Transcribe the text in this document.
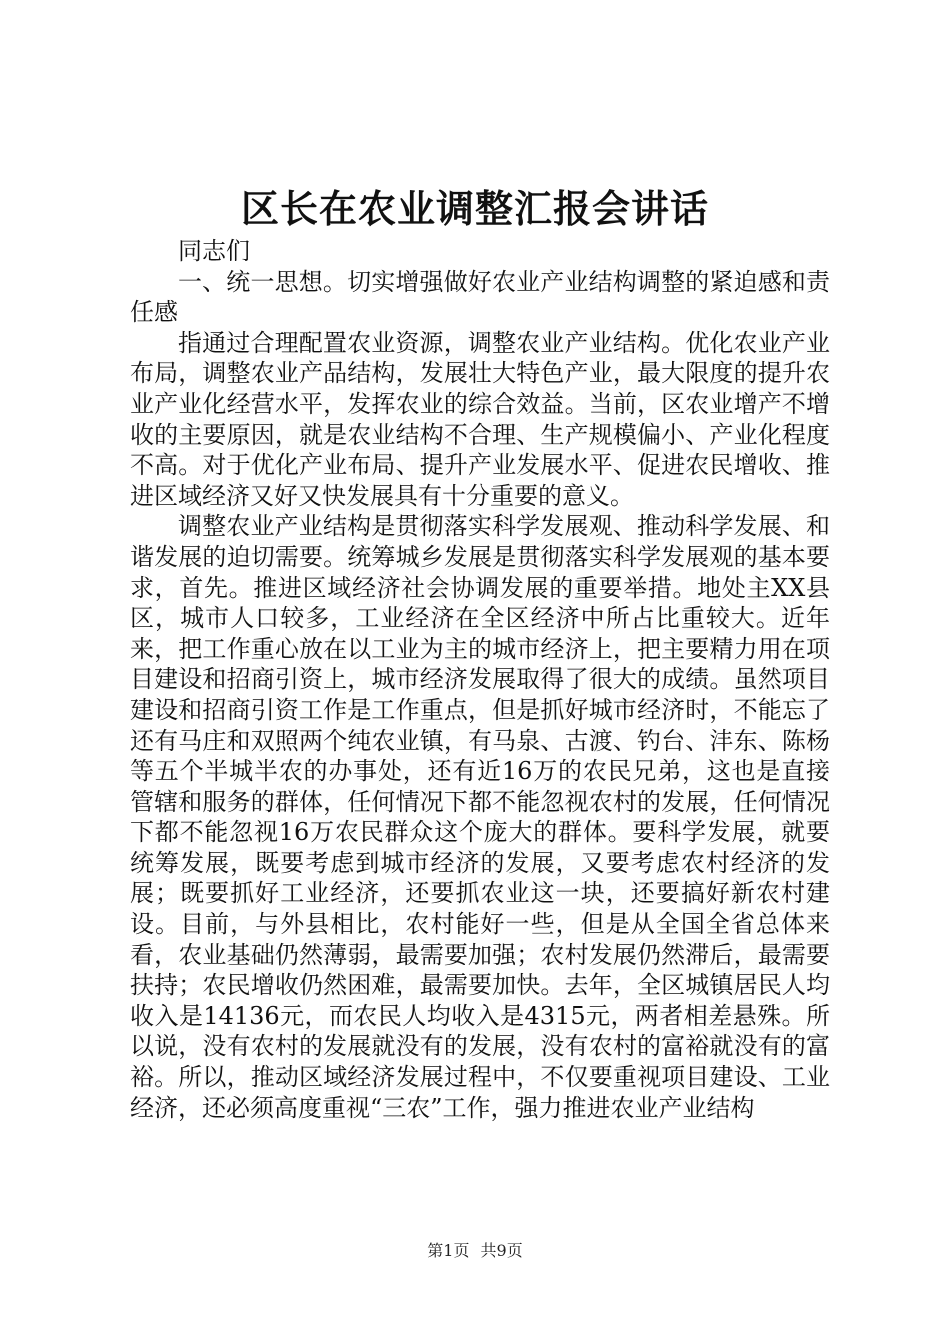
区长在农业调整汇报会讲话

同志们

一、统一思想。切实增强做好农业产业结构调整的紧迫感和责任感

指通过合理配置农业资源，调整农业产业结构。优化农业产业布局，调整农业产品结构，发展壮大特色产业，最大限度的提升农业产业化经营水平，发挥农业的综合效益。当前，区农业增产不增收的主要原因，就是农业结构不合理、生产规模偏小、产业化程度不高。对于优化产业布局、提升产业发展水平、促进农民增收、推进区域经济又好又快发展具有十分重要的意义。

调整农业产业结构是贯彻落实科学发展观、推动科学发展、和谐发展的迫切需要。统筹城乡发展是贯彻落实科学发展观的基本要求，首先。推进区域经济社会协调发展的重要举措。地处主XX县区，城市人口较多，工业经济在全区经济中所占比重较大。近年来，把工作重心放在以工业为主的城市经济上，把主要精力用在项目建设和招商引资上，城市经济发展取得了很大的成绩。虽然项目建设和招商引资工作是工作重点，但是抓好城市经济时，不能忘了还有马庄和双照两个纯农业镇，有马泉、古渡、钓台、沣东、陈杨等五个半城半农的办事处，还有近16万的农民兄弟，这也是直接管辖和服务的群体，任何情况下都不能忽视农村的发展，任何情况下都不能忽视16万农民群众这个庞大的群体。要科学发展，就要统筹发展，既要考虑到城市经济的发展，又要考虑农村经济的发展；既要抓好工业经济，还要抓农业这一块，还要搞好新农村建设。目前，与外县相比，农村能好一些，但是从全国全省总体来看，农业基础仍然薄弱，最需要加强；农村发展仍然滞后，最需要扶持；农民增收仍然困难，最需要加快。去年，全区城镇居民人均收入是14136元，而农民人均收入是4315元，两者相差悬殊。所以说，没有农村的发展就没有的发展，没有农村的富裕就没有的富裕。所以，推动区域经济发展过程中，不仅要重视项目建设、工业经济，还必须高度重视“三农”工作，强力推进农业产业结构

第1页 共9页
